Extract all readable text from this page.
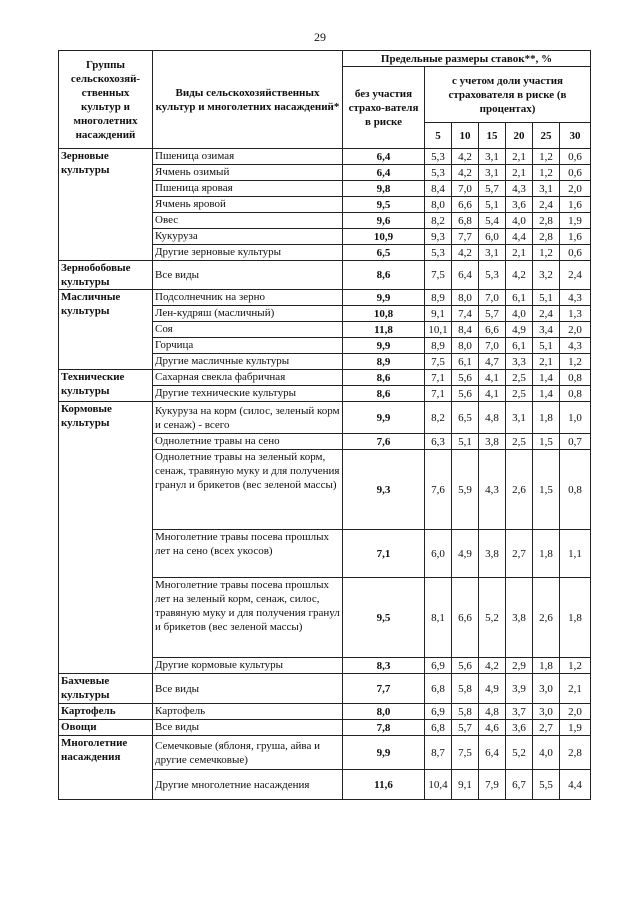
29
Группы сельскохозяй-ственных культур и многолетних насаждений	Виды сельскохозяйственных культур и многолетних насаждений*	Предельные размеры ставок**, %						
		без участия страхо-вателя в риске	с учетом доли участия страхователя в риске (в процентах)					
			5	10	15	20	25	30
Зерновые культуры	Пшеница озимая	6,4	5,3	4,2	3,1	2,1	1,2	0,6
	Ячмень озимый	6,4	5,3	4,2	3,1	2,1	1,2	0,6
	Пшеница яровая	9,8	8,4	7,0	5,7	4,3	3,1	2,0
	Ячмень яровой	9,5	8,0	6,6	5,1	3,6	2,4	1,6
	Овес	9,6	8,2	6,8	5,4	4,0	2,8	1,9
	Кукуруза	10,9	9,3	7,7	6,0	4,4	2,8	1,6
	Другие зерновые культуры	6,5	5,3	4,2	3,1	2,1	1,2	0,6
Зернобобовые культуры	Все виды	8,6	7,5	6,4	5,3	4,2	3,2	2,4
Масличные культуры	Подсолнечник на зерно	9,9	8,9	8,0	7,0	6,1	5,1	4,3
	Лен-кудряш (масличный)	10,8	9,1	7,4	5,7	4,0	2,4	1,3
	Соя	11,8	10,1	8,4	6,6	4,9	3,4	2,0
	Горчица	9,9	8,9	8,0	7,0	6,1	5,1	4,3
	Другие масличные культуры	8,9	7,5	6,1	4,7	3,3	2,1	1,2
Технические культуры	Сахарная свекла фабричная	8,6	7,1	5,6	4,1	2,5	1,4	0,8
	Другие технические культуры	8,6	7,1	5,6	4,1	2,5	1,4	0,8
Кормовые культуры	Кукуруза на корм (силос, зеленый корм и сенаж) - всего	9,9	8,2	6,5	4,8	3,1	1,8	1,0
	Однолетние травы на сено	7,6	6,3	5,1	3,8	2,5	1,5	0,7
	Однолетние травы на зеленый корм, сенаж, травяную муку и для получения гранул и брикетов (вес зеленой массы)	9,3	7,6	5,9	4,3	2,6	1,5	0,8
	Многолетние травы посева прошлых лет на сено (всех укосов)	7,1	6,0	4,9	3,8	2,7	1,8	1,1
	Многолетние травы посева прошлых лет на зеленый корм, сенаж, силос, травяную муку и для получения гранул и брикетов (вес зеленой массы)	9,5	8,1	6,6	5,2	3,8	2,6	1,8
	Другие кормовые культуры	8,3	6,9	5,6	4,2	2,9	1,8	1,2
Бахчевые культуры	Все виды	7,7	6,8	5,8	4,9	3,9	3,0	2,1
Картофель	Картофель	8,0	6,9	5,8	4,8	3,7	3,0	2,0
Овощи	Все виды	7,8	6,8	5,7	4,6	3,6	2,7	1,9
Многолетние насаждения	Семечковые (яблоня, груша, айва и другие семечковые)	9,9	8,7	7,5	6,4	5,2	4,0	2,8
	Другие многолетние насаждения	11,6	10,4	9,1	7,9	6,7	5,5	4,4
